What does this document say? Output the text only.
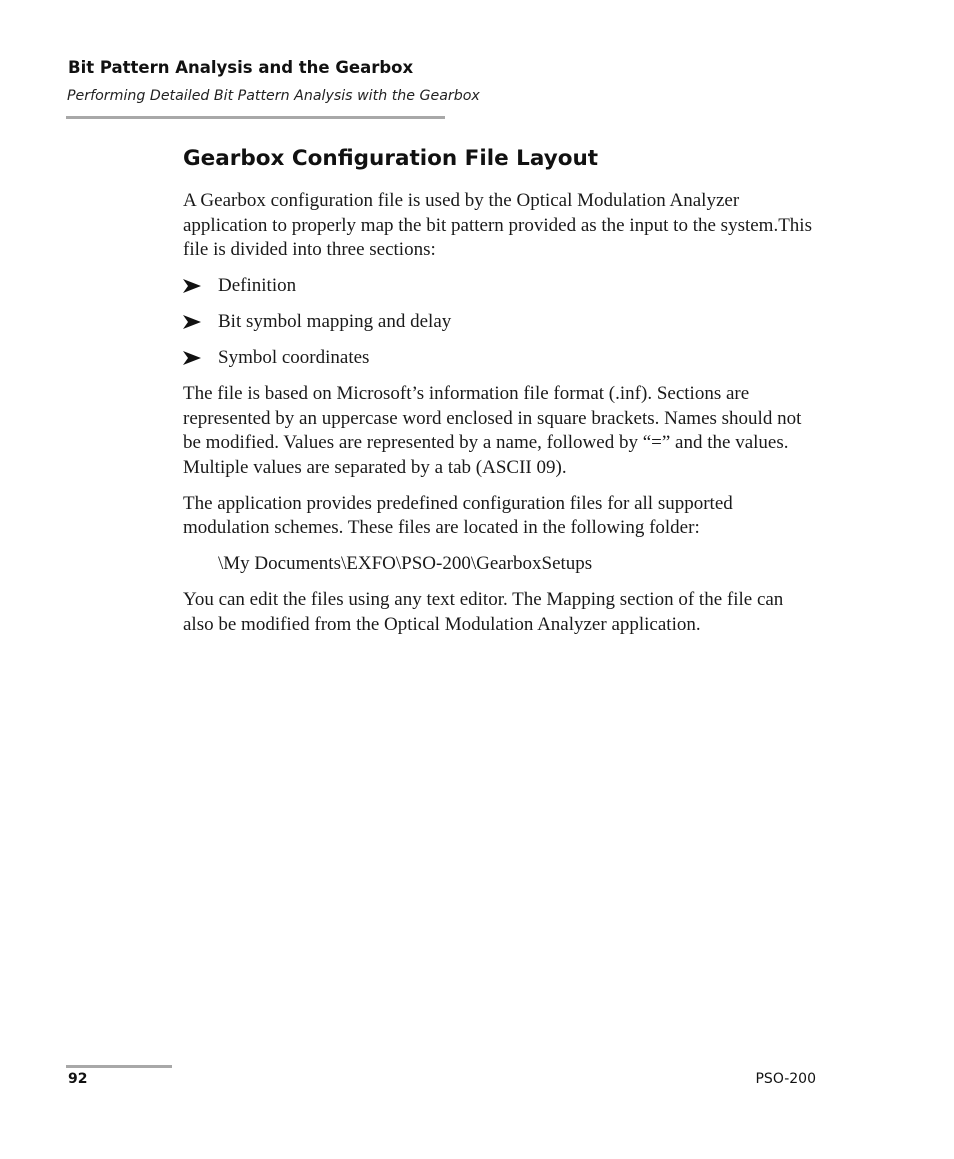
Bit Pattern Analysis and the Gearbox
Performing Detailed Bit Pattern Analysis with the Gearbox
Gearbox Configuration File Layout

A Gearbox configuration file is used by the Optical Modulation Analyzer application to properly map the bit pattern provided as the input to the system.This file is divided into three sections:

Definition
Bit symbol mapping and delay
Symbol coordinates

The file is based on Microsoft’s information file format (.inf). Sections are represented by an uppercase word enclosed in square brackets. Names should not be modified. Values are represented by a name, followed by “=” and the values. Multiple values are separated by a tab (ASCII 09).

The application provides predefined configuration files for all supported modulation schemes. These files are located in the following folder:

\My Documents\EXFO\PSO-200\GearboxSetups

You can edit the files using any text editor. The Mapping section of the file can also be modified from the Optical Modulation Analyzer application.

92	PSO-200
